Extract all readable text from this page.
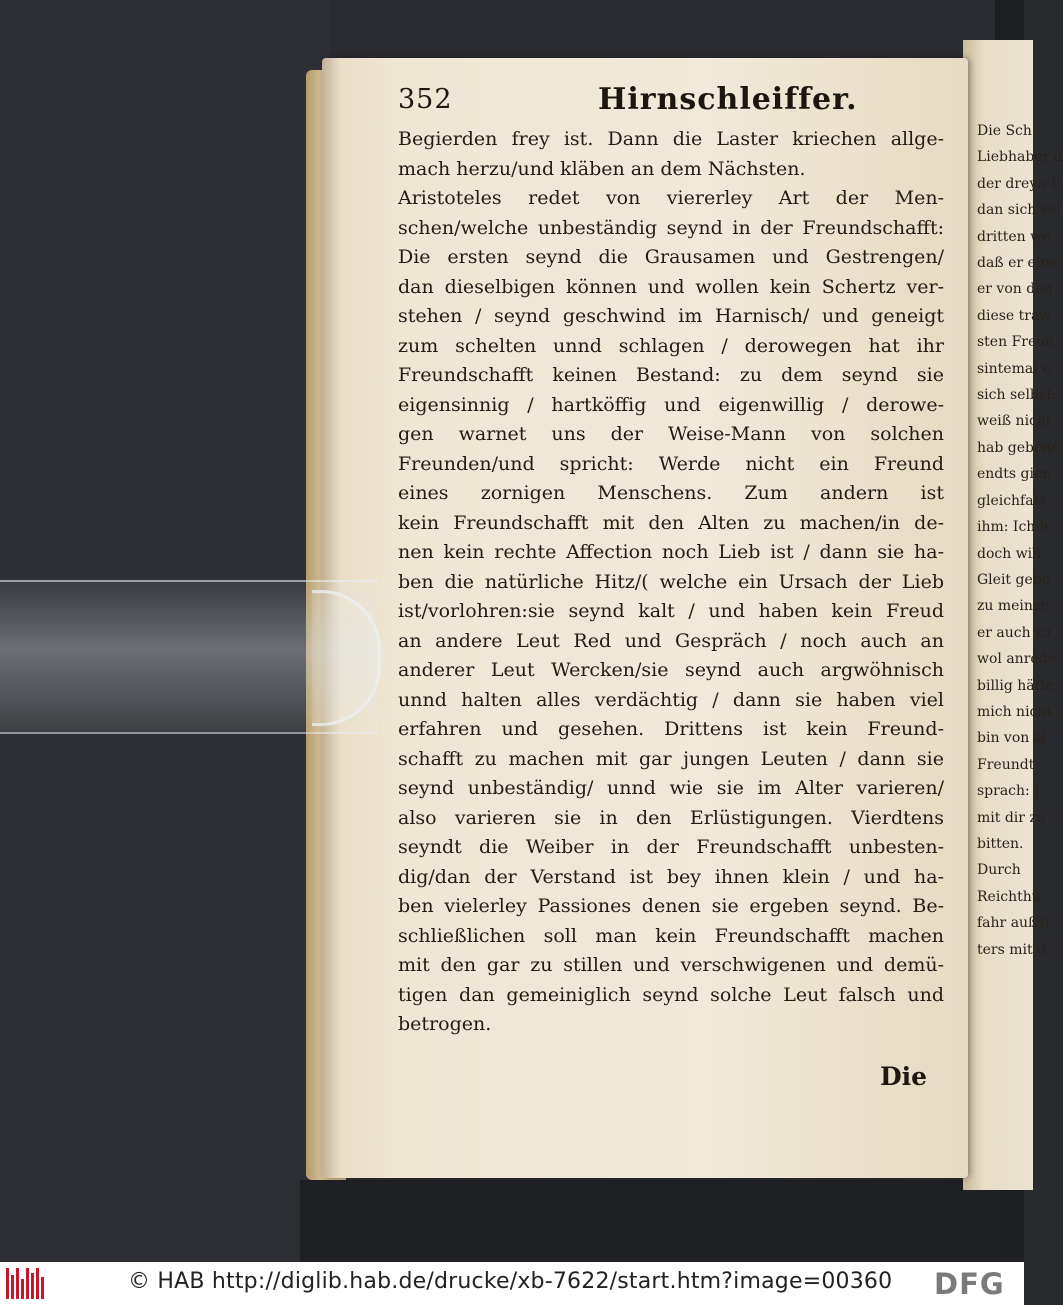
Die Sch
Liebhaber d
der dreyn F
dan sich sel
dritten we
daß er eine
er von den
diese traw
sten Freun
sintemal e
sich selbst:
weiß nicht
hab geben/
endts gien
gleichfals
ihm: Ich h
doch will
Gleit gebe
zu meinen
er auch zu
wol anrede
billig hätte
mich nicht
bin von al
Freundt
sprach: J
mit dir zu
bitten.
Durch
Reichthu
fahr außst
ters mit d
352	Hirnschleiffer.
Begierden frey ist. Dann die Laster kriechen allge-
mach herzu/und kläben an dem Nächsten.
Aristoteles redet von viererley Art der Men-
schen/welche unbeständig seynd in der Freundschafft:
Die ersten seynd die Grausamen und Gestrengen/
dan dieselbigen können und wollen kein Schertz ver-
stehen / seynd geschwind im Harnisch/ und geneigt
zum schelten unnd schlagen / derowegen hat ihr
Freundschafft keinen Bestand: zu dem seynd sie
eigensinnig / hartköffig und eigenwillig / derowe-
gen warnet uns der Weise-Mann von solchen
Freunden/und spricht: Werde nicht ein Freund
eines zornigen Menschens. Zum andern ist
kein Freundschafft mit den Alten zu machen/in de-
nen kein rechte Affection noch Lieb ist / dann sie ha-
ben die natürliche Hitz/( welche ein Ursach der Lieb
ist/vorlohren:sie seynd kalt / und haben kein Freud
an andere Leut Red und Gespräch / noch auch an
anderer Leut Wercken/sie seynd auch argwöhnisch
unnd halten alles verdächtig / dann sie haben viel
erfahren und gesehen. Drittens ist kein Freund-
schafft zu machen mit gar jungen Leuten / dann sie
seynd unbeständig/ unnd wie sie im Alter varieren/
also varieren sie in den Erlüstigungen. Vierdtens
seyndt die Weiber in der Freundschafft unbesten-
dig/dan der Verstand ist bey ihnen klein / und ha-
ben vielerley Passiones denen sie ergeben seynd. Be-
schließlichen soll man kein Freundschafft machen
mit den gar zu stillen und verschwigenen und demü-
tigen dan gemeiniglich seynd solche Leut falsch und
betrogen.
Die
© HAB http://diglib.hab.de/drucke/xb-7622/start.htm?image=00360 DFG
